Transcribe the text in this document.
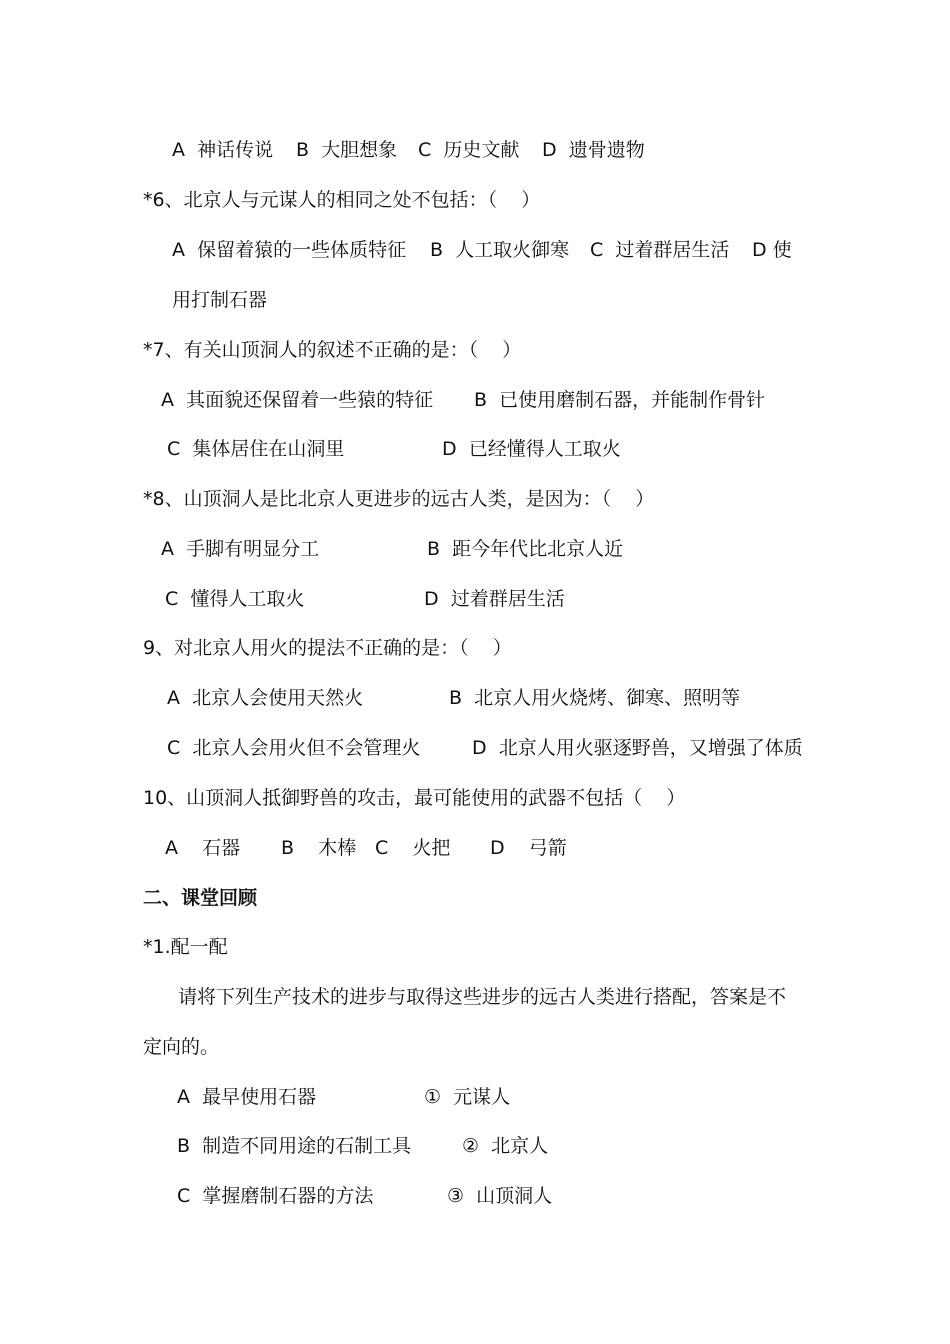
A  神话传说 B  大胆想象 C  历史文献 D  遗骨遗物
*6、北京人与元谋人的相同之处不包括：（    ）
A  保留着猿的一些体质特征 B  人工取火御寒 C  过着群居生活 D 使
用打制石器
*7、有关山顶洞人的叙述不正确的是：（    ）
A  其面貌还保留着一些猿的特征 B  已使用磨制石器，并能制作骨针
C  集体居住在山洞里	D  已经懂得人工取火
*8、山顶洞人是比北京人更进步的远古人类，是因为：（    ）
A  手脚有明显分工	B  距今年代比北京人近
C  懂得人工取火	D  过着群居生活
9、对北京人用火的提法不正确的是：（    ）
A  北京人会使用天然火	B  北京人用火烧烤、御寒、照明等
C  北京人会用火但不会管理火	D  北京人用火驱逐野兽，又增强了体质
10、山顶洞人抵御野兽的攻击，最可能使用的武器不包括（    ）
A    石器 B    木棒 C    火把 D    弓箭
二、课堂回顾
*1.配一配
请将下列生产技术的进步与取得这些进步的远古人类进行搭配，答案是不
定向的。
A  最早使用石器	①  元谋人
B  制造不同用途的石制工具	②  北京人
C  掌握磨制石器的方法	③  山顶洞人
